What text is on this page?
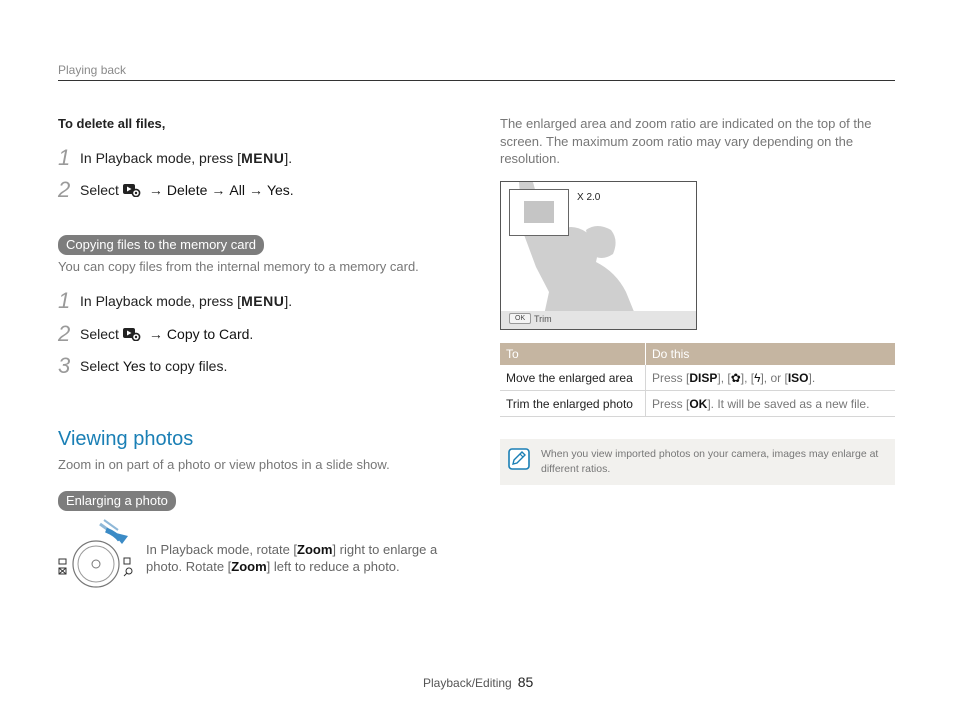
Playing back
To delete all files,
1 In Playback mode, press [ MENU ].
2 Select → Delete → All → Yes .
Copying files to the memory card
You can copy files from the internal memory to a memory card.
1 In Playback mode, press [ MENU ].
2 Select → Copy to Card .
3 Select
Yes
to copy files.
Viewing photos
Zoom in on part of a photo or view photos in a slide show.
Enlarging a photo
In Playback mode, rotate [Zoom] right to enlarge a
photo. Rotate [Zoom] left to reduce a photo.
The enlarged area and zoom ratio are indicated on the top of the screen. The maximum zoom ratio may vary depending on the resolution.
X 2.0
OK Trim
To	Do this
Move the enlarged area	Press [DISP], [✿], [ϟ], or [ISO].
Trim the enlarged photo	Press [OK]. It will be saved as a new file.
When you view imported photos on your camera, images may enlarge at different ratios.
Playback/Editing 85
